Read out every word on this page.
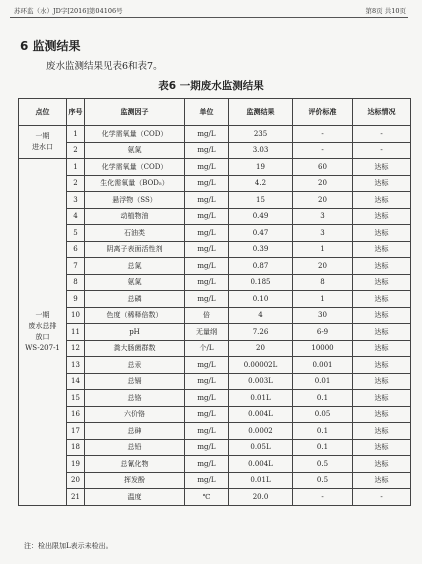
苏环监（水）JD字[2016]第04106号	第8页 共10页
6 监测结果
废水监测结果见表6和表7。
表6 一期废水监测结果
点位	序号	监测因子	单位	监测结果	评价标准	达标情况
一期
进水口	1	化学需氧量（COD）	mg/L	235	-	-
	2	氨氮	mg/L	3.03	-	-
一期
废水总排
放口
WS-207-1	1	化学需氧量（COD）	mg/L	19	60	达标
	2	生化需氧量（BOD₅）	mg/L	4.2	20	达标
	3	悬浮物（SS）	mg/L	15	20	达标
	4	动植物油	mg/L	0.49	3	达标
	5	石油类	mg/L	0.47	3	达标
	6	阴离子表面活性剂	mg/L	0.39	1	达标
	7	总氮	mg/L	0.87	20	达标
	8	氨氮	mg/L	0.185	8	达标
	9	总磷	mg/L	0.10	1	达标
	10	色度（稀释倍数）	倍	4	30	达标
	11	pH	无量纲	7.26	6-9	达标
	12	粪大肠菌群数	个/L	20	10000	达标
	13	总汞	mg/L	0.00002L	0.001	达标
	14	总镉	mg/L	0.003L	0.01	达标
	15	总铬	mg/L	0.01L	0.1	达标
	16	六价铬	mg/L	0.004L	0.05	达标
	17	总砷	mg/L	0.0002	0.1	达标
	18	总铅	mg/L	0.05L	0.1	达标
	19	总氰化物	mg/L	0.004L	0.5	达标
	20	挥发酚	mg/L	0.01L	0.5	达标
	21	温度	℃	20.0	-	-
注：检出限加L表示未检出。
